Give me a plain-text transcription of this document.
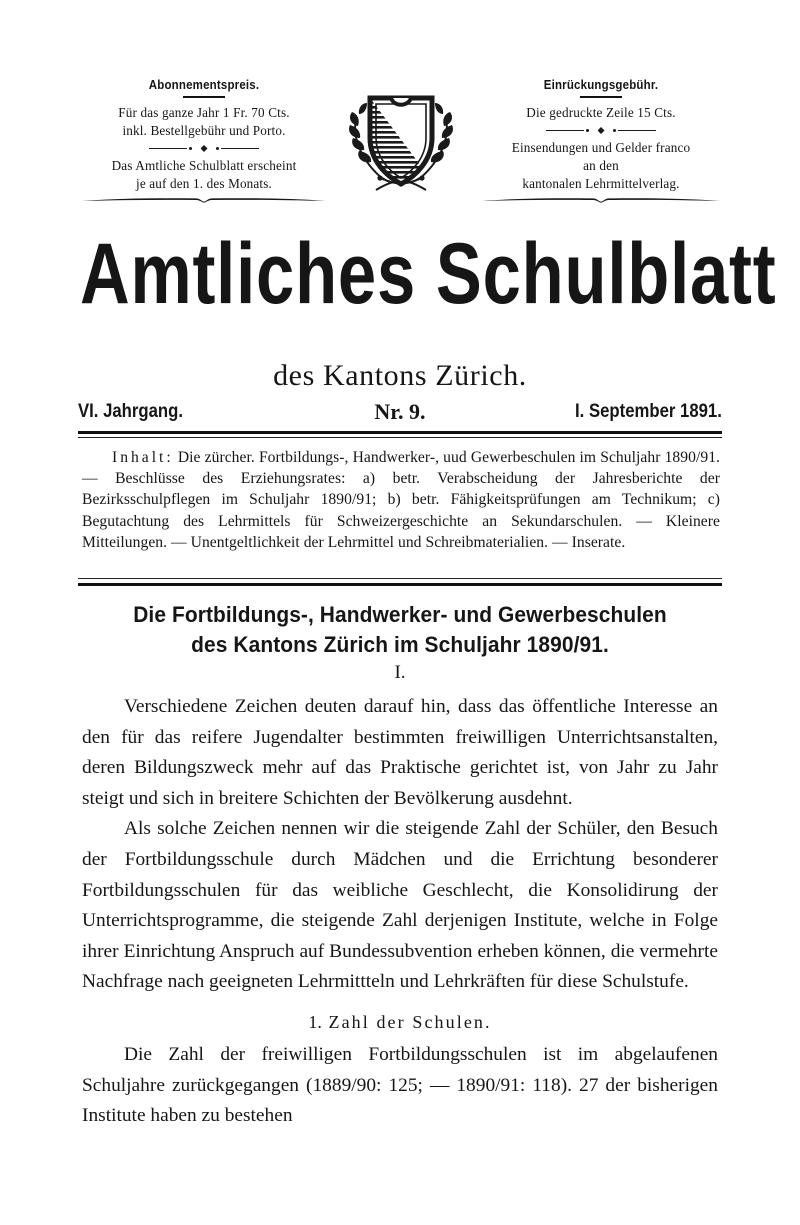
Abonnementspreis.
Für das ganze Jahr 1 Fr. 70 Cts.
inkl. Bestellgebühr und Porto.
Das Amtliche Schulblatt erscheint
je auf den 1. des Monats.
Einrückungsgebühr.
Die gedruckte Zeile 15 Cts.
Einsendungen und Gelder franco
an den
kantonalen Lehrmittelverlag.
Amtliches Schulblatt
des Kantons Zürich.
VI. Jahrgang.	Nr. 9.	I. September 1891.
Inhalt: Die zürcher. Fortbildungs-, Handwerker-, uud Gewerbeschulen im Schuljahr 1890/91. — Beschlüsse des Erziehungsrates: a) betr. Verabscheidung der Jahresberichte der Bezirksschulpflegen im Schuljahr 1890/91; b) betr. Fähigkeitsprüfungen am Technikum; c) Begutachtung des Lehrmittels für Schweizergeschichte an Sekundarschulen. — Kleinere Mitteilungen. — Unentgeltlichkeit der Lehrmittel und Schreibmaterialien. — Inserate.
Die Fortbildungs-, Handwerker- und Gewerbeschulen
des Kantons Zürich im Schuljahr 1890/91.
I.

Verschiedene Zeichen deuten darauf hin, dass das öffentliche Interesse an den für das reifere Jugendalter bestimmten freiwilligen Unterrichtsanstalten, deren Bildungszweck mehr auf das Praktische gerichtet ist, von Jahr zu Jahr steigt und sich in breitere Schichten der Bevölkerung ausdehnt.

Als solche Zeichen nennen wir die steigende Zahl der Schüler, den Besuch der Fortbildungsschule durch Mädchen und die Errichtung besonderer Fortbildungsschulen für das weibliche Geschlecht, die Konsolidirung der Unterrichtsprogramme, die steigende Zahl derjenigen Institute, welche in Folge ihrer Einrichtung Anspruch auf Bundessubvention erheben können, die vermehrte Nachfrage nach geeigneten Lehrmittteln und Lehrkräften für diese Schulstufe.

1. Zahl der Schulen.

Die Zahl der freiwilligen Fortbildungsschulen ist im abgelaufenen Schuljahre zurückgegangen (1889/90: 125; — 1890/91: 118). 27 der bisherigen Institute haben zu bestehen
